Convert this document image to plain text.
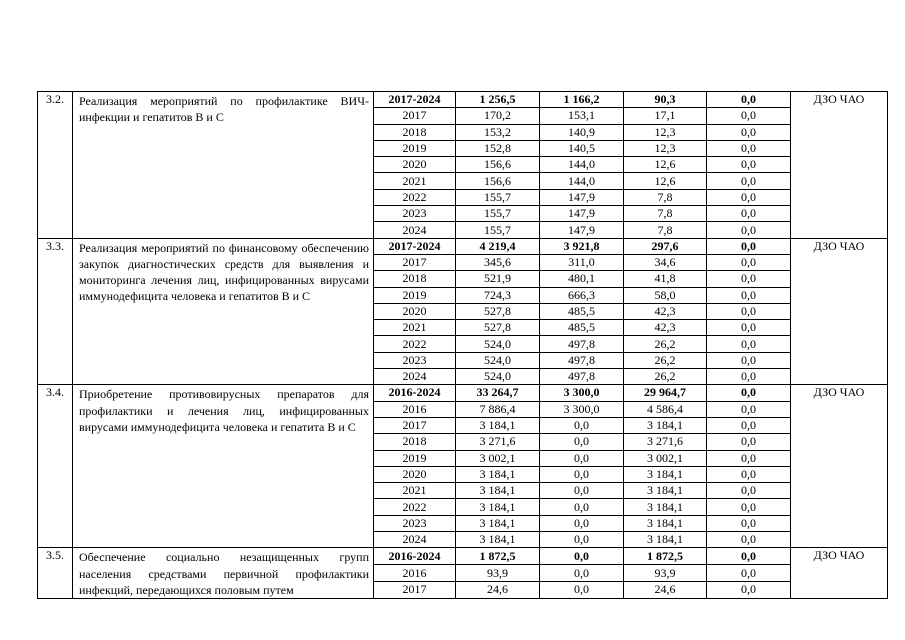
3.2.	Реализация мероприятий по профилактике ВИЧ-инфекции и гепатитов В и С	2017-2024	1 256,5	1 166,2	90,3	0,0	ДЗО ЧАО
		2017	170,2	153,1	17,1	0,0	
		2018	153,2	140,9	12,3	0,0	
		2019	152,8	140,5	12,3	0,0	
		2020	156,6	144,0	12,6	0,0	
		2021	156,6	144,0	12,6	0,0	
		2022	155,7	147,9	7,8	0,0	
		2023	155,7	147,9	7,8	0,0	
		2024	155,7	147,9	7,8	0,0	
3.3.	Реализация мероприятий по финансовому обеспечению закупок диагностических средств для выявления и мониторинга лечения лиц, инфицированных вирусами иммунодефицита человека и гепатитов В и С	2017-2024	4 219,4	3 921,8	297,6	0,0	ДЗО ЧАО
		2017	345,6	311,0	34,6	0,0	
		2018	521,9	480,1	41,8	0,0	
		2019	724,3	666,3	58,0	0,0	
		2020	527,8	485,5	42,3	0,0	
		2021	527,8	485,5	42,3	0,0	
		2022	524,0	497,8	26,2	0,0	
		2023	524,0	497,8	26,2	0,0	
		2024	524,0	497,8	26,2	0,0	
3.4.	Приобретение противовирусных препаратов для профилактики и лечения лиц, инфицированных вирусами иммунодефицита человека и гепатита В и С	2016-2024	33 264,7	3 300,0	29 964,7	0,0	ДЗО ЧАО
		2016	7 886,4	3 300,0	4 586,4	0,0	
		2017	3 184,1	0,0	3 184,1	0,0	
		2018	3 271,6	0,0	3 271,6	0,0	
		2019	3 002,1	0,0	3 002,1	0,0	
		2020	3 184,1	0,0	3 184,1	0,0	
		2021	3 184,1	0,0	3 184,1	0,0	
		2022	3 184,1	0,0	3 184,1	0,0	
		2023	3 184,1	0,0	3 184,1	0,0	
		2024	3 184,1	0,0	3 184,1	0,0	
3.5.	Обеспечение социально незащищенных групп населения средствами первичной профилактики инфекций, передающихся половым путем	2016-2024	1 872,5	0,0	1 872,5	0,0	ДЗО ЧАО
		2016	93,9	0,0	93,9	0,0	
		2017	24,6	0,0	24,6	0,0	
